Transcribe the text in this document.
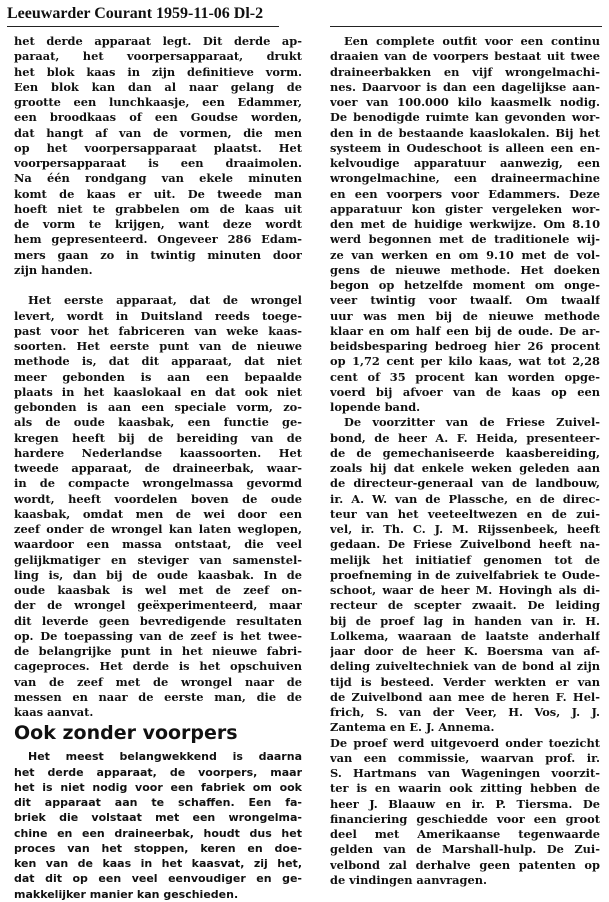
Leeuwarder Courant 1959-11-06 Dl-2
het derde apparaat legt. Dit derde ap-
paraat, het voorpersapparaat, drukt
het blok kaas in zijn definitieve vorm.
Een blok kan dan al naar gelang de
grootte een lunchkaasje, een Edammer,
een broodkaas of een Goudse worden,
dat hangt af van de vormen, die men
op het voorpersapparaat plaatst. Het
voorpersapparaat is een draaimolen.
Na één rondgang van ekele minuten
komt de kaas er uit. De tweede man
hoeft niet te grabbelen om de kaas uit
de vorm te krijgen, want deze wordt
hem gepresenteerd. Ongeveer 286 Edam-
mers gaan zo in twintig minuten door
zijn handen.
Het eerste apparaat, dat de wrongel
levert, wordt in Duitsland reeds toege-
past voor het fabriceren van weke kaas-
soorten. Het eerste punt van de nieuwe
methode is, dat dit apparaat, dat niet
meer gebonden is aan een bepaalde
plaats in het kaaslokaal en dat ook niet
gebonden is aan een speciale vorm, zo-
als de oude kaasbak, een functie ge-
kregen heeft bij de bereiding van de
hardere Nederlandse kaassoorten. Het
tweede apparaat, de draineerbak, waar-
in de compacte wrongelmassa gevormd
wordt, heeft voordelen boven de oude
kaasbak, omdat men de wei door een
zeef onder de wrongel kan laten weglopen,
waardoor een massa ontstaat, die veel
gelijkmatiger en steviger van samenstel-
ling is, dan bij de oude kaasbak. In de
oude kaasbak is wel met de zeef on-
der de wrongel geëxperimenteerd, maar
dit leverde geen bevredigende resultaten
op. De toepassing van de zeef is het twee-
de belangrijke punt in het nieuwe fabri-
cageproces. Het derde is het opschuiven
van de zeef met de wrongel naar de
messen en naar de eerste man, die de
kaas aanvat.
Ook zonder voorpers
Het meest belangwekkend is daarna
het derde apparaat, de voorpers, maar
het is niet nodig voor een fabriek om ook
dit apparaat aan te schaffen. Een fa-
briek die volstaat met een wrongelma-
chine en een draineerbak, houdt dus het
proces van het stoppen, keren en doe-
ken van de kaas in het kaasvat, zij het,
dat dit op een veel eenvoudiger en ge-
makkelijker manier kan geschieden.
Een complete outfit voor een continu
draaien van de voorpers bestaat uit twee
draineerbakken en vijf wrongelmachi-
nes. Daarvoor is dan een dagelijkse aan-
voer van 100.000 kilo kaasmelk nodig.
De benodigde ruimte kan gevonden wor-
den in de bestaande kaaslokalen. Bij het
systeem in Oudeschoot is alleen een en-
kelvoudige apparatuur aanwezig, een
wrongelmachine, een draineermachine
en een voorpers voor Edammers. Deze
apparatuur kon gister vergeleken wor-
den met de huidige werkwijze. Om 8.10
werd begonnen met de traditionele wij-
ze van werken en om 9.10 met de vol-
gens de nieuwe methode. Het doeken
begon op hetzelfde moment om onge-
veer twintig voor twaalf. Om twaalf
uur was men bij de nieuwe methode
klaar en om half een bij de oude. De ar-
beidsbesparing bedroeg hier 26 procent
op 1,72 cent per kilo kaas, wat tot 2,28
cent of 35 procent kan worden opge-
voerd bij afvoer van de kaas op een
lopende band.
De voorzitter van de Friese Zuivel-
bond, de heer A. F. Heida, presenteer-
de de gemechaniseerde kaasbereiding,
zoals hij dat enkele weken geleden aan
de directeur-generaal van de landbouw,
ir. A. W. van de Plassche, en de direc-
teur van het veeteeltwezen en de zui-
vel, ir. Th. C. J. M. Rijssenbeek, heeft
gedaan. De Friese Zuivelbond heeft na-
melijk het initiatief genomen tot de
proefneming in de zuivelfabriek te Oude-
schoot, waar de heer M. Hovingh als di-
recteur de scepter zwaait. De leiding
bij de proef lag in handen van ir. H.
Lolkema, waaraan de laatste anderhalf
jaar door de heer K. Boersma van af-
deling zuiveltechniek van de bond al zijn
tijd is besteed. Verder werkten er van
de Zuivelbond aan mee de heren F. Hel-
frich, S. van der Veer, H. Vos, J. J.
Zantema en E. J. Annema.
De proef werd uitgevoerd onder toezicht
van een commissie, waarvan prof. ir.
S. Hartmans van Wageningen voorzit-
ter is en waarin ook zitting hebben de
heer J. Blaauw en ir. P. Tiersma. De
financiering geschiedde voor een groot
deel met Amerikaanse tegenwaarde
gelden van de Marshall-hulp. De Zui-
velbond zal derhalve geen patenten op
de vindingen aanvragen.
